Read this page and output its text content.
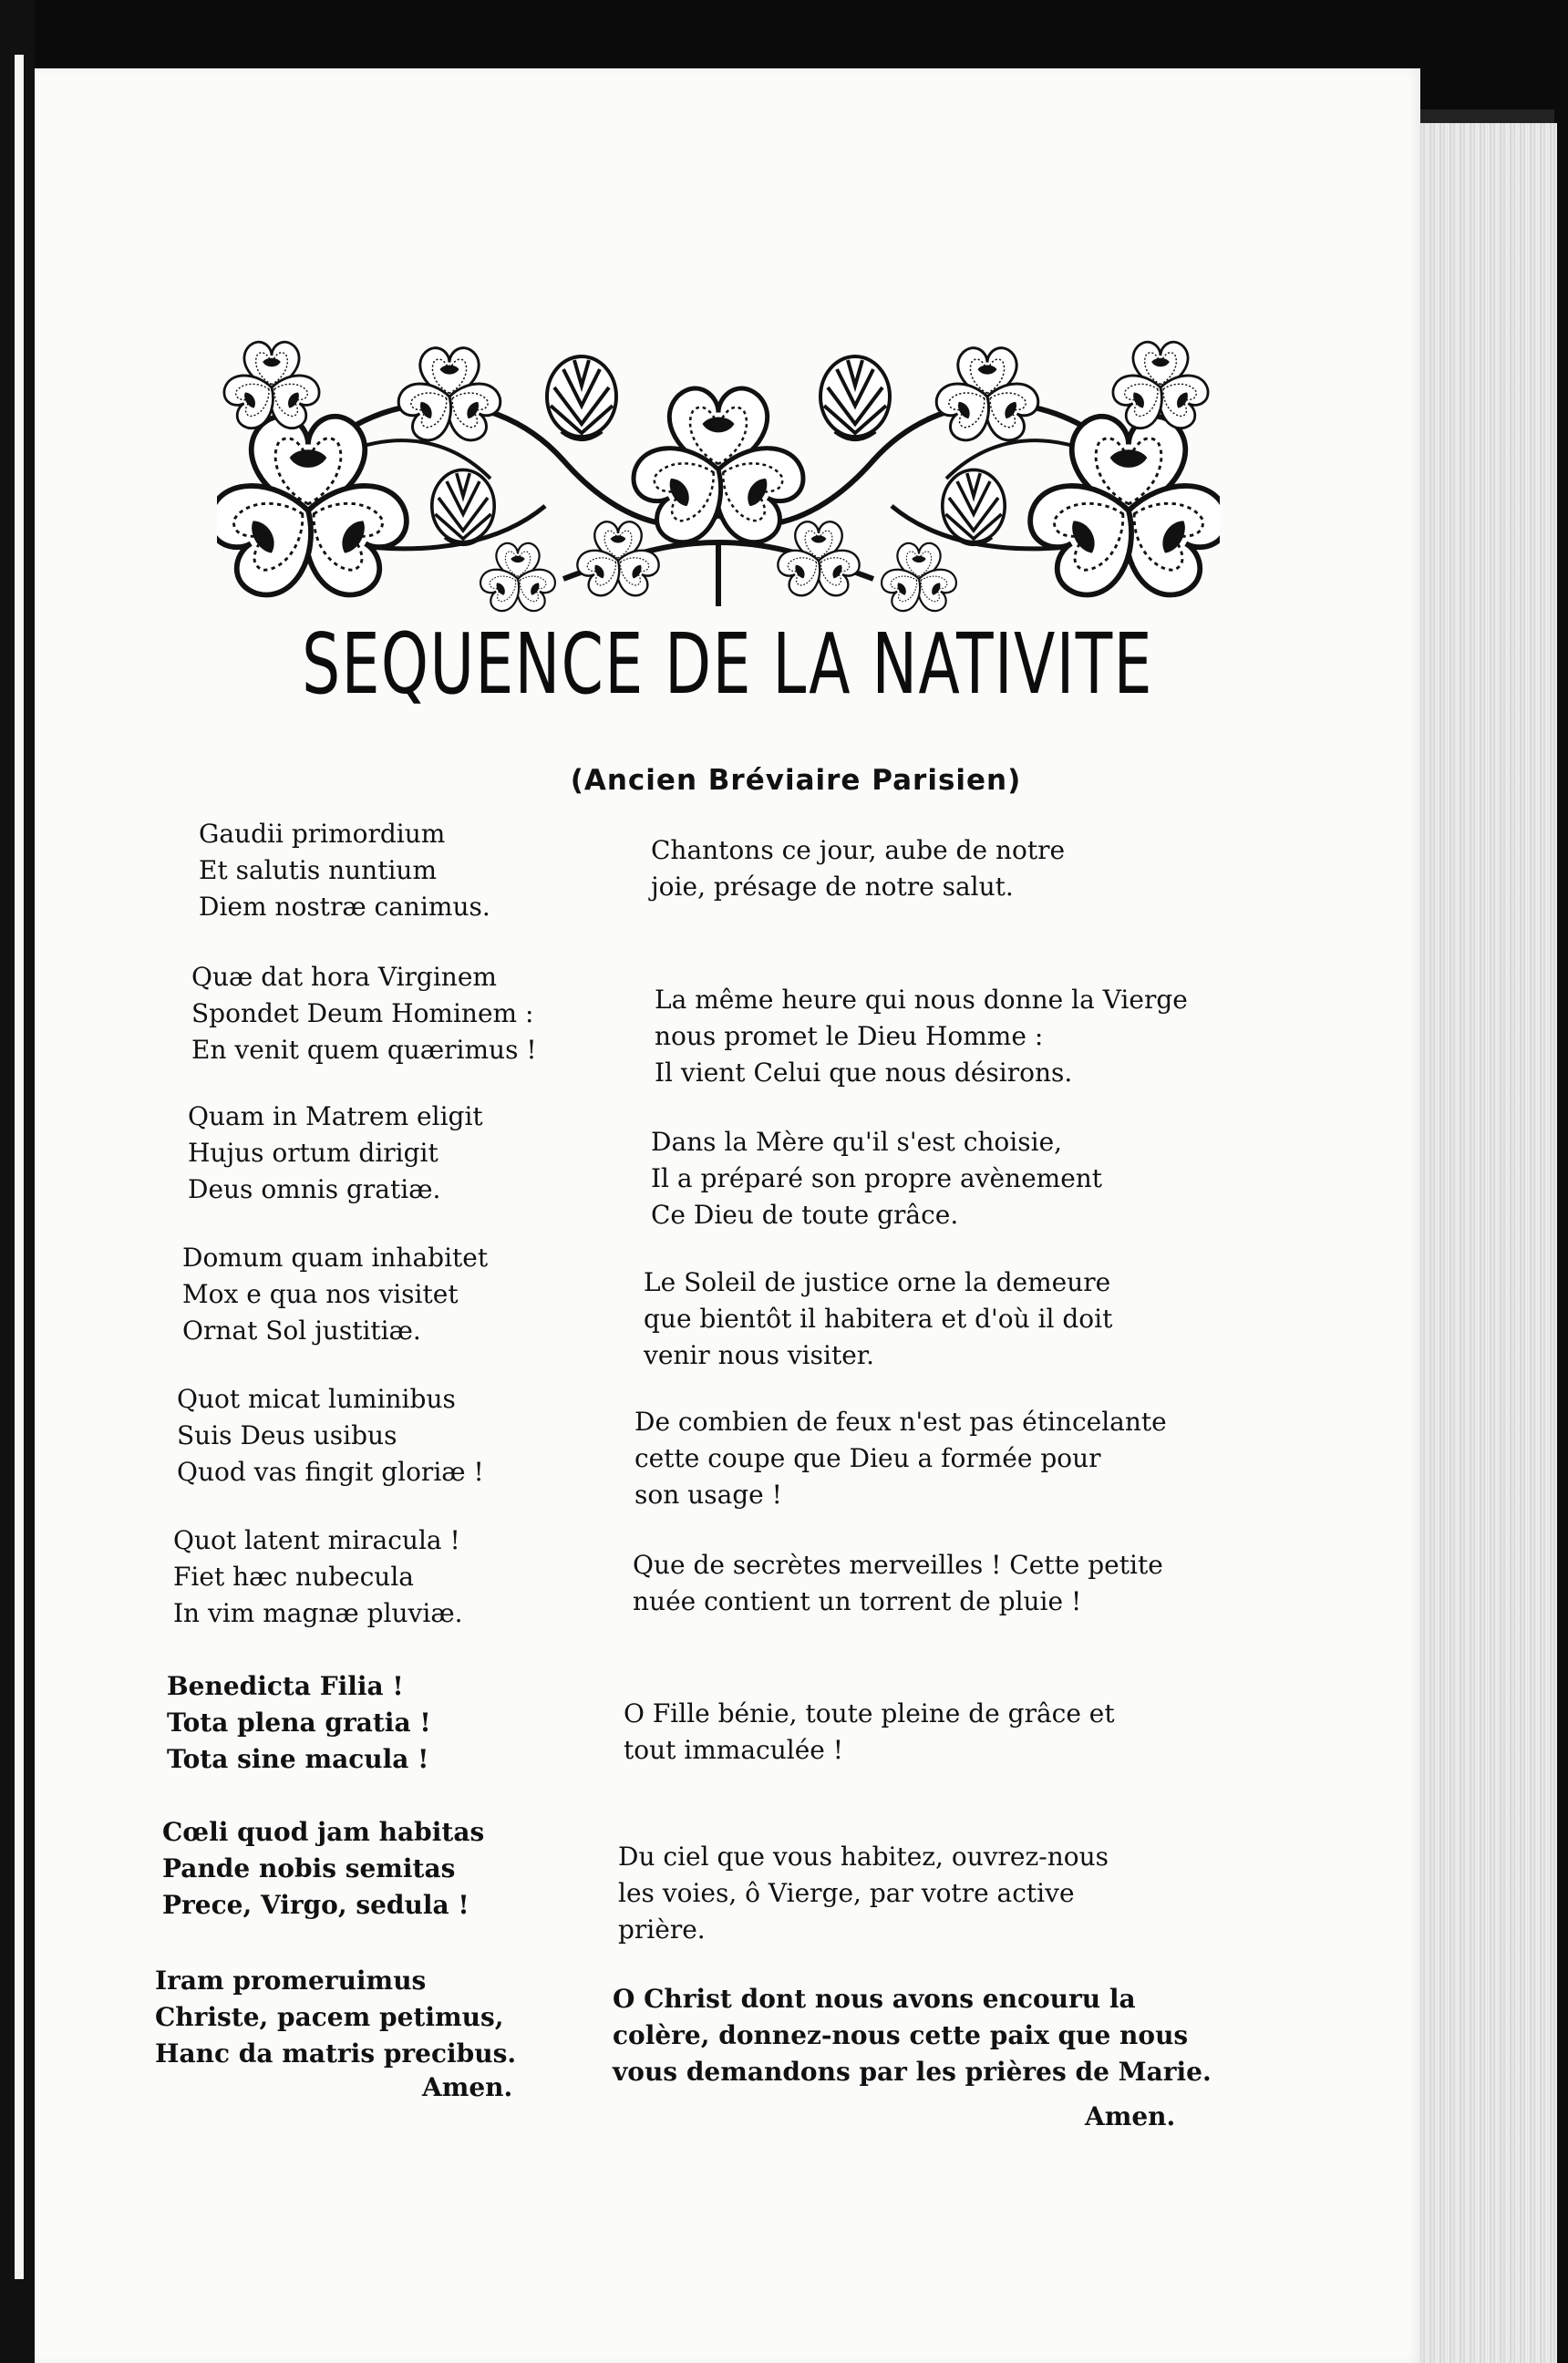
SEQUENCE DE LA NATIVITE

(Ancien Bréviaire Parisien)

Gaudii primordium
Et salutis nuntium
Diem nostræ canimus.
Quæ dat hora Virginem
Spondet Deum Hominem :
En venit quem quærimus !
Quam in Matrem eligit
Hujus ortum dirigit
Deus omnis gratiæ.
Domum quam inhabitet
Mox e qua nos visitet
Ornat Sol justitiæ.
Quot micat luminibus
Suis Deus usibus
Quod vas fingit gloriæ !
Quot latent miracula !
Fiet hæc nubecula
In vim magnæ pluviæ.
Benedicta Filia !
Tota plena gratia !
Tota sine macula !
Cœli quod jam habitas
Pande nobis semitas
Prece, Virgo, sedula !
Iram promeruimus
Christe, pacem petimus,
Hanc da matris precibus.
Amen.
Chantons ce jour, aube de notre
joie, présage de notre salut.
La même heure qui nous donne la Vierge
nous promet le Dieu Homme :
Il vient Celui que nous désirons.
Dans la Mère qu'il s'est choisie,
Il a préparé son propre avènement
Ce Dieu de toute grâce.
Le Soleil de justice orne la demeure
que bientôt il habitera et d'où il doit
venir nous visiter.
De combien de feux n'est pas étincelante
cette coupe que Dieu a formée pour
son usage !
Que de secrètes merveilles ! Cette petite
nuée contient un torrent de pluie !
O Fille bénie, toute pleine de grâce et
tout immaculée !
Du ciel que vous habitez, ouvrez-nous
les voies, ô Vierge, par votre active
prière.
O Christ dont nous avons encouru la
colère, donnez-nous cette paix que nous
vous demandons par les prières de Marie.
Amen.
